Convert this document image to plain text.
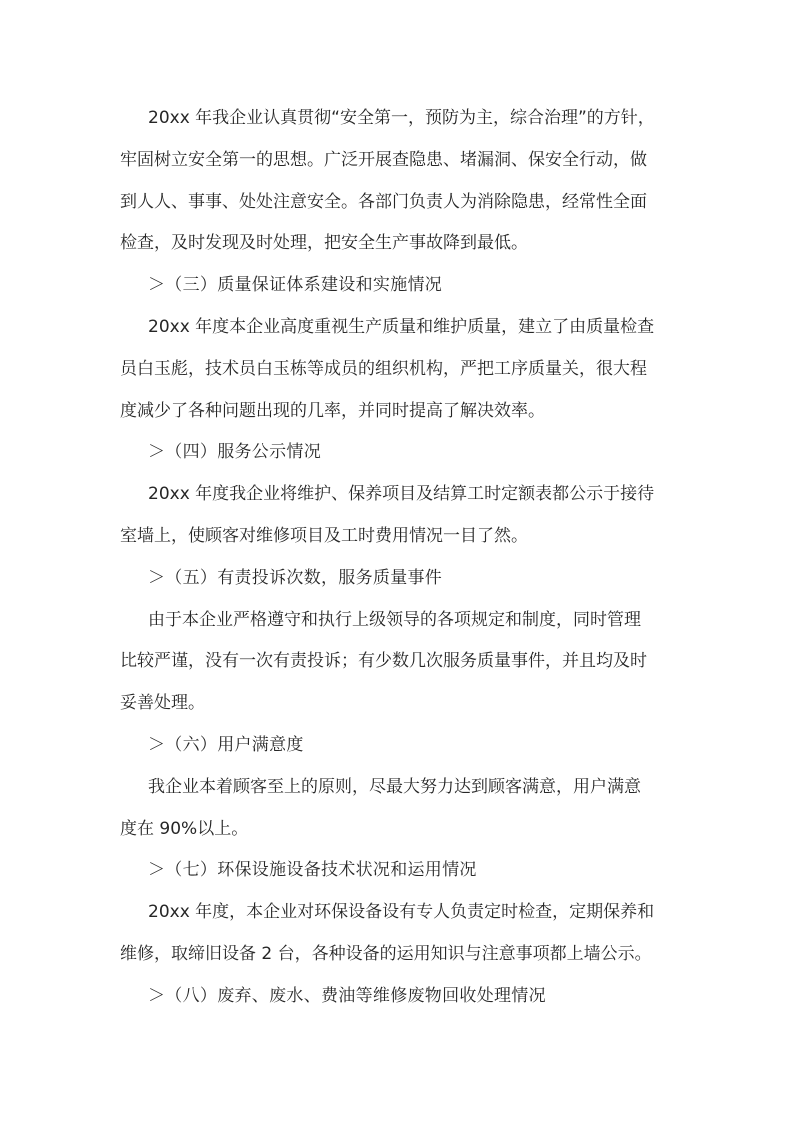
20xx 年我企业认真贯彻“安全第一，预防为主，综合治理”的方针，
牢固树立安全第一的思想。广泛开展查隐患、堵漏洞、保安全行动，做
到人人、事事、处处注意安全。各部门负责人为消除隐患，经常性全面
检查，及时发现及时处理，把安全生产事故降到最低。
＞（三）质量保证体系建设和实施情况
20xx 年度本企业高度重视生产质量和维护质量，建立了由质量检查
员白玉彪，技术员白玉栋等成员的组织机构，严把工序质量关，很大程
度减少了各种问题出现的几率，并同时提高了解决效率。
＞（四）服务公示情况
20xx 年度我企业将维护、保养项目及结算工时定额表都公示于接待
室墙上，使顾客对维修项目及工时费用情况一目了然。
＞（五）有责投诉次数，服务质量事件
由于本企业严格遵守和执行上级领导的各项规定和制度，同时管理
比较严谨，没有一次有责投诉；有少数几次服务质量事件，并且均及时
妥善处理。
＞（六）用户满意度
我企业本着顾客至上的原则，尽最大努力达到顾客满意，用户满意
度在 90%以上。
＞（七）环保设施设备技术状况和运用情况
20xx 年度，本企业对环保设备设有专人负责定时检查，定期保养和
维修，取缔旧设备 2 台，各种设备的运用知识与注意事项都上墙公示。
＞（八）废弃、废水、费油等维修废物回收处理情况
